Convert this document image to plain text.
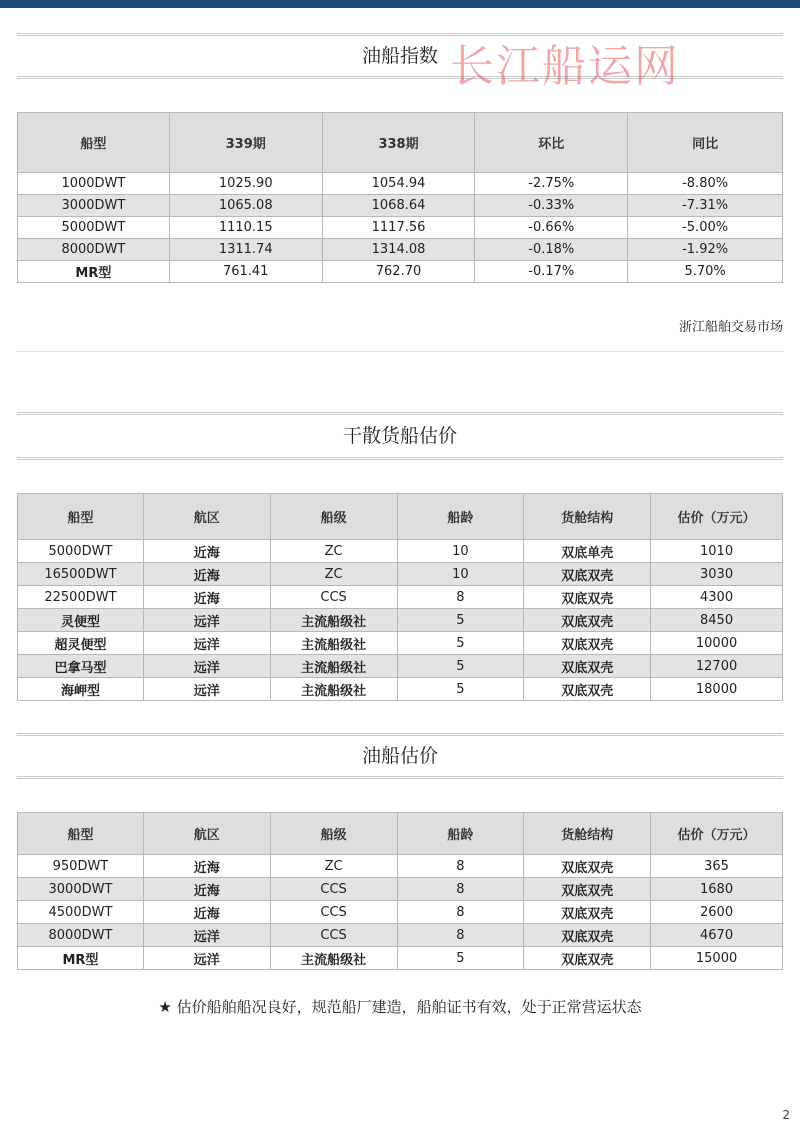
油船指数 长江船运网
船型	339期	338期	环比	同比
1000DWT	1025.90	1054.94	-2.75%	-8.80%
3000DWT	1065.08	1068.64	-0.33%	-7.31%
5000DWT	1110.15	1117.56	-0.66%	-5.00%
8000DWT	1311.74	1314.08	-0.18%	-1.92%
MR型	761.41	762.70	-0.17%	5.70%
浙江船舶交易市场
干散货船估价
船型	航区	船级	船龄	货舱结构	估价（万元）
5000DWT	近海	ZC	10	双底单壳	1010
16500DWT	近海	ZC	10	双底双壳	3030
22500DWT	近海	CCS	8	双底双壳	4300
灵便型	远洋	主流船级社	5	双底双壳	8450
超灵便型	远洋	主流船级社	5	双底双壳	10000
巴拿马型	远洋	主流船级社	5	双底双壳	12700
海岬型	远洋	主流船级社	5	双底双壳	18000
油船估价
船型	航区	船级	船龄	货舱结构	估价（万元）
950DWT	近海	ZC	8	双底双壳	365
3000DWT	近海	CCS	8	双底双壳	1680
4500DWT	近海	CCS	8	双底双壳	2600
8000DWT	远洋	CCS	8	双底双壳	4670
MR型	远洋	主流船级社	5	双底双壳	15000
★ 估价船舶船况良好，规范船厂建造，船舶证书有效，处于正常营运状态
2
